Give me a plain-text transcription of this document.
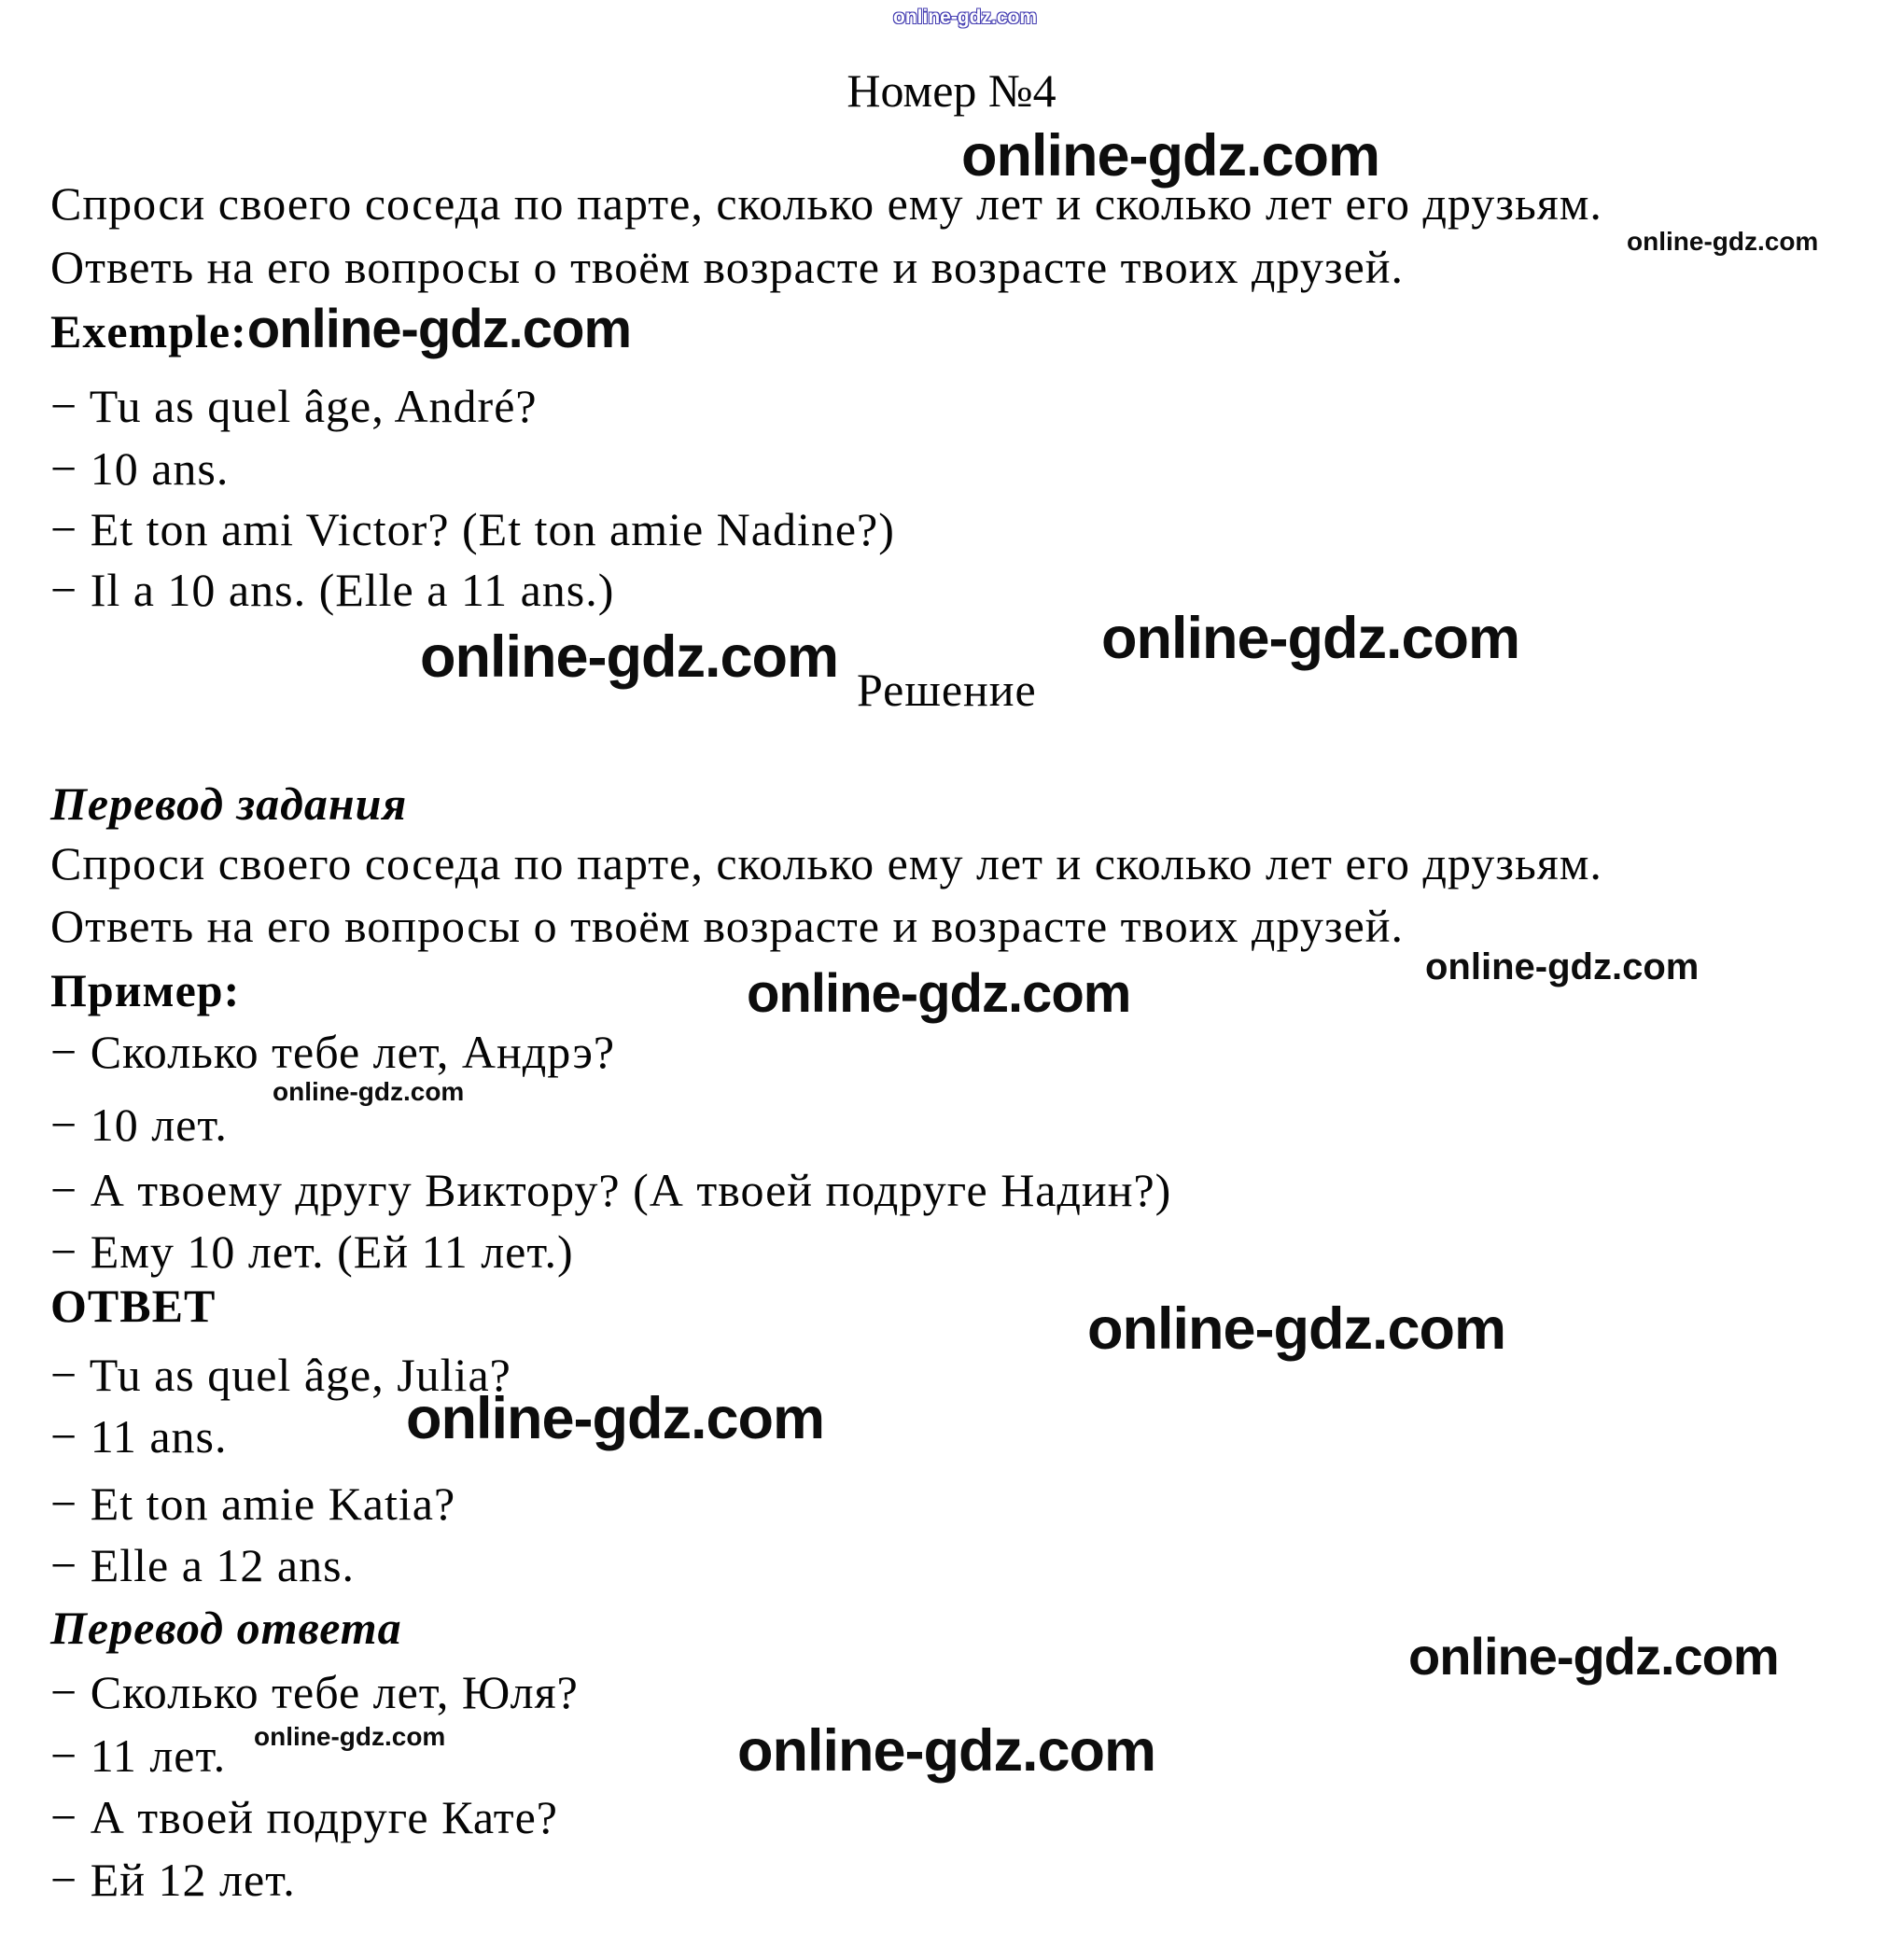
online-gdz.com
Номер №4
online-gdz.com
Спроси своего соседа по парте, сколько ему лет и сколько лет его друзьям.
Ответь на его вопросы о твоём возрасте и возрасте твоих друзей.	online-gdz.com
Exemple:online-gdz.com
− Tu as quel âge, André?
− 10 ans.
− Et ton ami Victor? (Et ton amie Nadine?)
− Il a 10 ans. (Elle a 11 ans.)
online-gdz.com	online-gdz.com
Решение
Перевод задания
Спроси своего соседа по парте, сколько ему лет и сколько лет его друзьям.
Ответь на его вопросы о твоём возрасте и возрасте твоих друзей.
online-gdz.com
Пример:	online-gdz.com
− Сколько тебе лет, Андрэ?
− 10 лет.
online-gdz.com
− А твоему другу Виктору? (А твоей подруге Надин?)
− Ему 10 лет. (Ей 11 лет.)
ОТВЕТ	online-gdz.com
− Tu as quel âge, Julia?
− 11 ans.	online-gdz.com
− Et ton amie Katia?
− Elle a 12 ans.
Перевод ответа	online-gdz.com
− Сколько тебе лет, Юля?
− 11 лет. online-gdz.com	online-gdz.com
− А твоей подруге Кате?
− Ей 12 лет.
